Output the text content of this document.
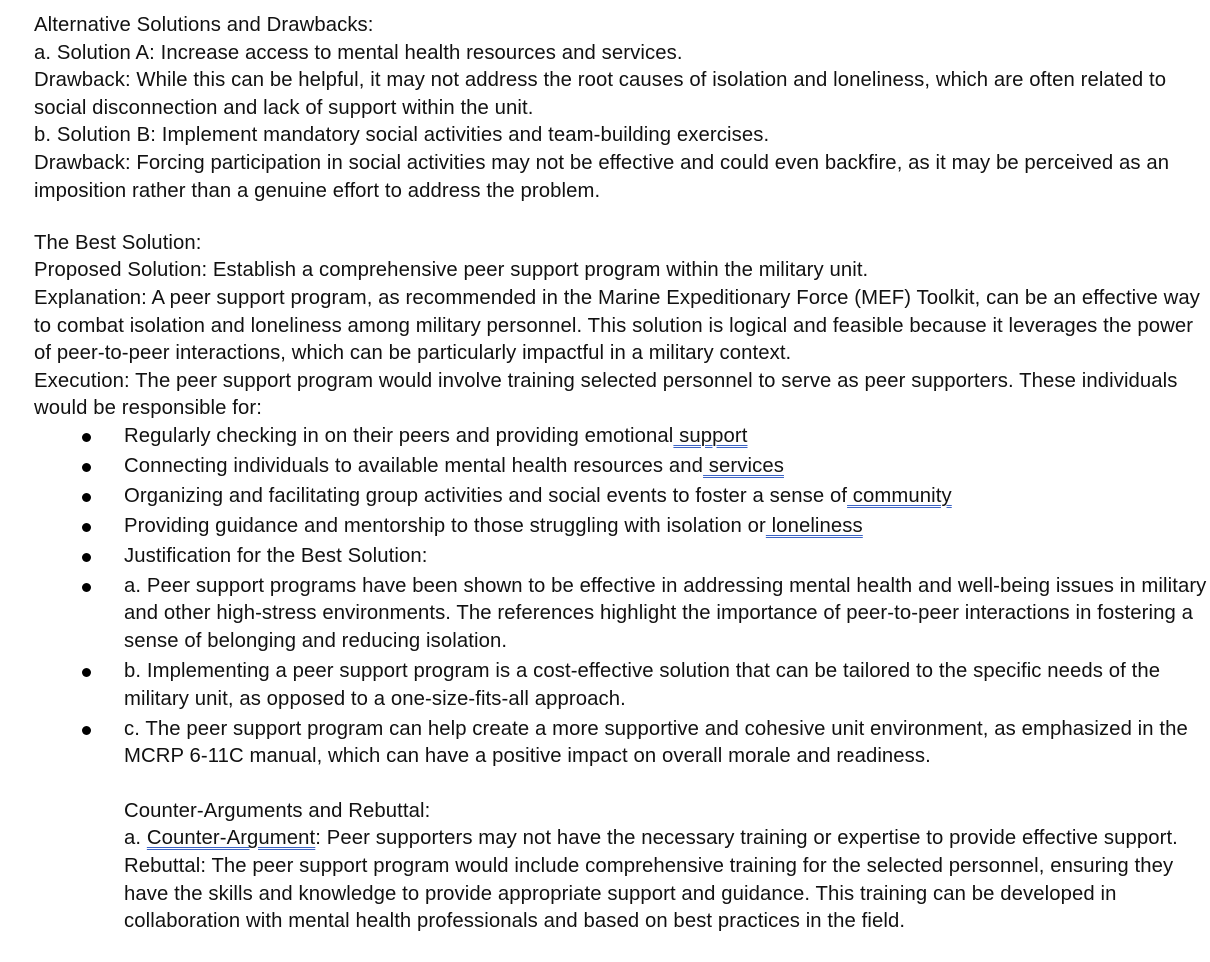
Alternative Solutions and Drawbacks:
a. Solution A: Increase access to mental health resources and services.
Drawback: While this can be helpful, it may not address the root causes of isolation and loneliness, which are often related to social disconnection and lack of support within the unit.
b. Solution B: Implement mandatory social activities and team-building exercises.
Drawback: Forcing participation in social activities may not be effective and could even backfire, as it may be perceived as an imposition rather than a genuine effort to address the problem.
The Best Solution:
Proposed Solution: Establish a comprehensive peer support program within the military unit.
Explanation: A peer support program, as recommended in the Marine Expeditionary Force (MEF) Toolkit, can be an effective way to combat isolation and loneliness among military personnel. This solution is logical and feasible because it leverages the power of peer-to-peer interactions, which can be particularly impactful in a military context.
Execution: The peer support program would involve training selected personnel to serve as peer supporters. These individuals would be responsible for:
Regularly checking in on their peers and providing emotional support
Connecting individuals to available mental health resources and services
Organizing and facilitating group activities and social events to foster a sense of community
Providing guidance and mentorship to those struggling with isolation or loneliness
Justification for the Best Solution:
a. Peer support programs have been shown to be effective in addressing mental health and well-being issues in military and other high-stress environments. The references highlight the importance of peer-to-peer interactions in fostering a sense of belonging and reducing isolation.
b. Implementing a peer support program is a cost-effective solution that can be tailored to the specific needs of the military unit, as opposed to a one-size-fits-all approach.
c. The peer support program can help create a more supportive and cohesive unit environment, as emphasized in the MCRP 6-11C manual, which can have a positive impact on overall morale and readiness.
Counter-Arguments and Rebuttal:
a. Counter-Argument: Peer supporters may not have the necessary training or expertise to provide effective support.
Rebuttal: The peer support program would include comprehensive training for the selected personnel, ensuring they have the skills and knowledge to provide appropriate support and guidance. This training can be developed in collaboration with mental health professionals and based on best practices in the field.
